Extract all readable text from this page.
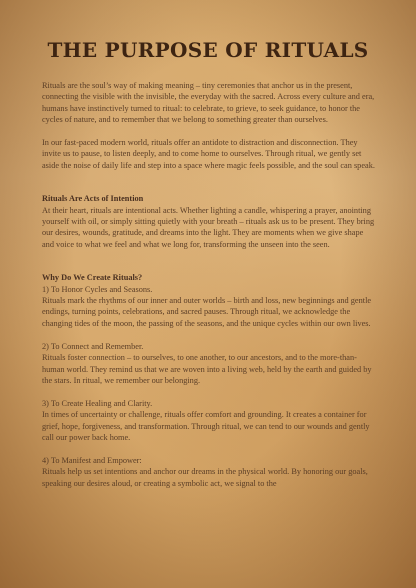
THE PURPOSE OF RITUALS

Rituals are the soul’s way of making meaning – tiny ceremonies that anchor us in the present, connecting the visible with the invisible, the everyday with the sacred. Across every culture and era, humans have instinctively turned to ritual: to celebrate, to grieve, to seek guidance, to honor the cycles of nature, and to remember that we belong to something greater than ourselves.

In our fast-paced modern world, rituals offer an antidote to distraction and disconnection. They invite us to pause, to listen deeply, and to come home to ourselves. Through ritual, we gently set aside the noise of daily life and step into a space where magic feels possible, and the soul can speak.

Rituals Are Acts of Intention

At their heart, rituals are intentional acts. Whether lighting a candle, whispering a prayer, anointing yourself with oil, or simply sitting quietly with your breath – rituals ask us to be present. They bring our desires, wounds, gratitude, and dreams into the light. They are moments when we give shape and voice to what we feel and what we long for, transforming the unseen into the seen.

Why Do We Create Rituals?

1) To Honor Cycles and Seasons.

Rituals mark the rhythms of our inner and outer worlds – birth and loss, new beginnings and gentle endings, turning points, celebrations, and sacred pauses. Through ritual, we acknowledge the changing tides of the moon, the passing of the seasons, and the unique cycles within our own lives.

2) To Connect and Remember.

Rituals foster connection – to ourselves, to one another, to our ancestors, and to the more-than-human world. They remind us that we are woven into a living web, held by the earth and guided by the stars. In ritual, we remember our belonging.

3) To Create Healing and Clarity.

In times of uncertainty or challenge, rituals offer comfort and grounding. It creates a container for grief, hope, forgiveness, and transformation. Through ritual, we can tend to our wounds and gently call our power back home.

4) To Manifest and Empower:

Rituals help us set intentions and anchor our dreams in the physical world. By honoring our goals, speaking our desires aloud, or creating a symbolic act, we signal to the
